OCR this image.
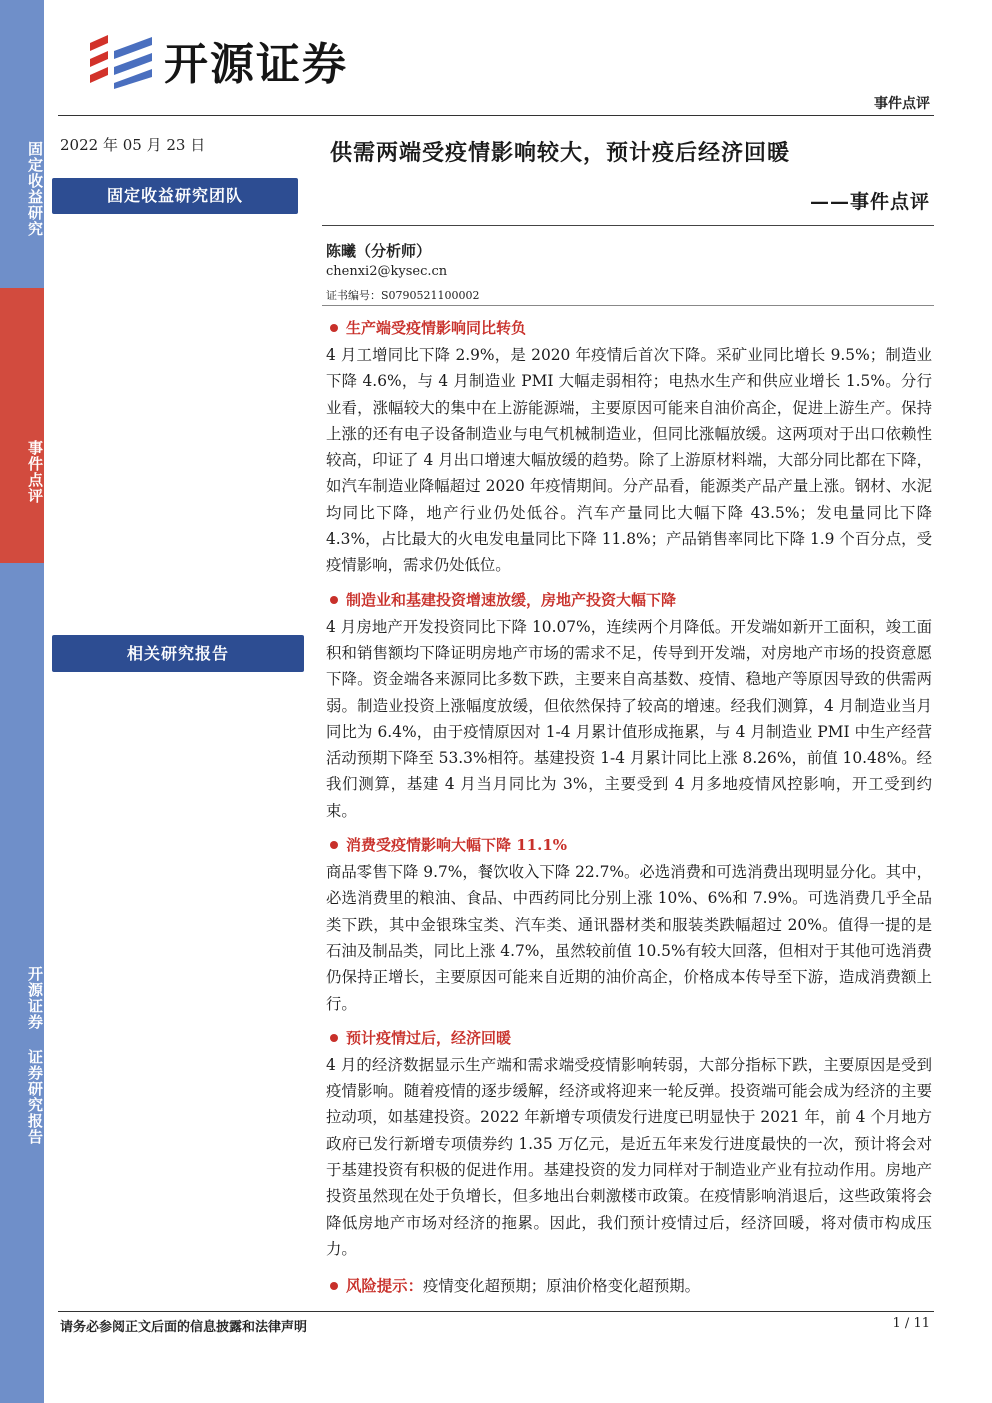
固定收益研究
事件点评
开源证券 证券研究报告
开源证券
事件点评
2022 年 05 月 23 日
固定收益研究团队
相关研究报告
供需两端受疫情影响较大，预计疫后经济回暖
——事件点评
陈曦（分析师）
chenxi2@kysec.cn
证书编号：S0790521100002
生产端受疫情影响同比转负

4 月工增同比下降 2.9%，是 2020 年疫情后首次下降。采矿业同比增长 9.5%；制造业下降 4.6%，与 4 月制造业 PMI 大幅走弱相符；电热水生产和供应业增长 1.5%。分行业看，涨幅较大的集中在上游能源端，主要原因可能来自油价高企，促进上游生产。保持上涨的还有电子设备制造业与电气机械制造业，但同比涨幅放缓。这两项对于出口依赖性较高，印证了 4 月出口增速大幅放缓的趋势。除了上游原材料端，大部分同比都在下降，如汽车制造业降幅超过 2020 年疫情期间。分产品看，能源类产品产量上涨。钢材、水泥均同比下降，地产行业仍处低谷。汽车产量同比大幅下降 43.5%；发电量同比下降 4.3%，占比最大的火电发电量同比下降 11.8%；产品销售率同比下降 1.9 个百分点，受疫情影响，需求仍处低位。

制造业和基建投资增速放缓，房地产投资大幅下降

4 月房地产开发投资同比下降 10.07%，连续两个月降低。开发端如新开工面积，竣工面积和销售额均下降证明房地产市场的需求不足，传导到开发端，对房地产市场的投资意愿下降。资金端各来源同比多数下跌，主要来自高基数、疫情、稳地产等原因导致的供需两弱。制造业投资上涨幅度放缓，但依然保持了较高的增速。经我们测算，4 月制造业当月同比为 6.4%，由于疫情原因对 1-4 月累计值形成拖累，与 4 月制造业 PMI 中生产经营活动预期下降至 53.3%相符。基建投资 1-4 月累计同比上涨 8.26%，前值 10.48%。经我们测算，基建 4 月当月同比为 3%，主要受到 4 月多地疫情风控影响，开工受到约束。

消费受疫情影响大幅下降 11.1%

商品零售下降 9.7%，餐饮收入下降 22.7%。必选消费和可选消费出现明显分化。其中，必选消费里的粮油、食品、中西药同比分别上涨 10%、6%和 7.9%。可选消费几乎全品类下跌，其中金银珠宝类、汽车类、通讯器材类和服装类跌幅超过 20%。值得一提的是石油及制品类，同比上涨 4.7%，虽然较前值 10.5%有较大回落，但相对于其他可选消费仍保持正增长，主要原因可能来自近期的油价高企，价格成本传导至下游，造成消费额上行。

预计疫情过后，经济回暖

4 月的经济数据显示生产端和需求端受疫情影响转弱，大部分指标下跌，主要原因是受到疫情影响。随着疫情的逐步缓解，经济或将迎来一轮反弹。投资端可能会成为经济的主要拉动项，如基建投资。2022 年新增专项债发行进度已明显快于 2021 年，前 4 个月地方政府已发行新增专项债券约 1.35 万亿元，是近五年来发行进度最快的一次，预计将会对于基建投资有积极的促进作用。基建投资的发力同样对于制造业产业有拉动作用。房地产投资虽然现在处于负增长，但多地出台刺激楼市政策。在疫情影响消退后，这些政策将会降低房地产市场对经济的拖累。因此，我们预计疫情过后，经济回暖，将对债市构成压力。

风险提示： 疫情变化超预期；原油价格变化超预期。
请务必参阅正文后面的信息披露和法律声明	1 / 11
